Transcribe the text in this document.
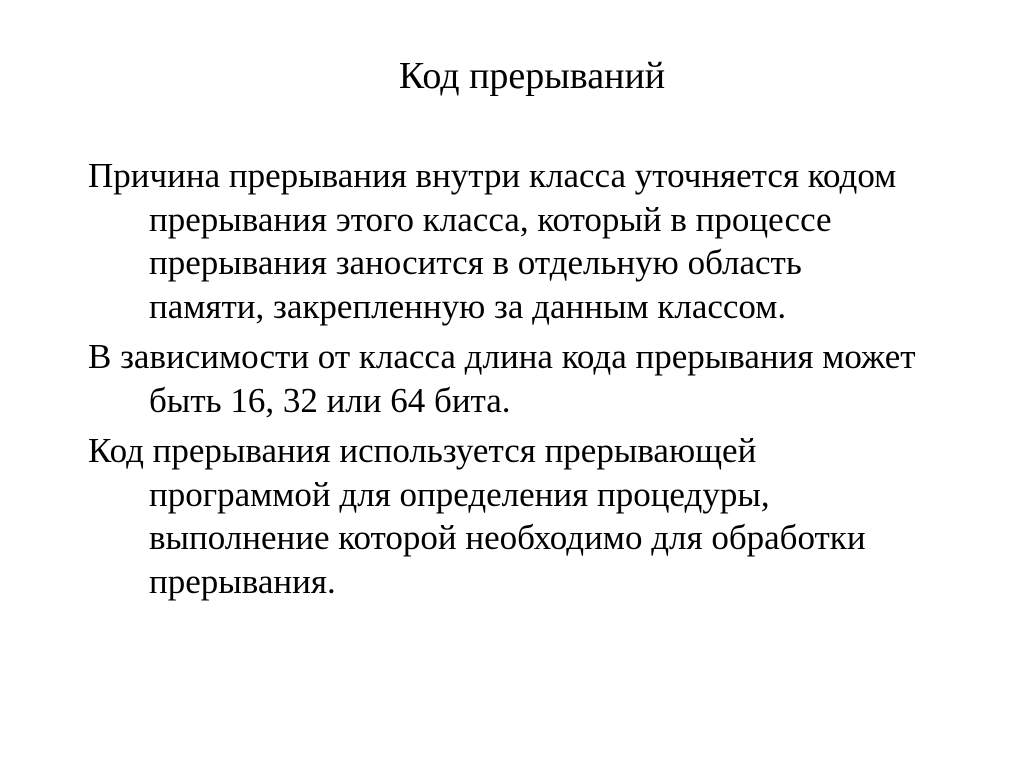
Код прерываний
Причина прерывания внутри класса уточняется кодом прерывания этого класса, который в процессе прерывания заносится в отдельную область памяти, закрепленную за данным классом.
В зависимости от класса длина кода прерывания может быть 16, 32 или 64 бита.
Код прерывания используется прерывающей программой для определения процедуры, выполнение которой необходимо для обработки прерывания.
